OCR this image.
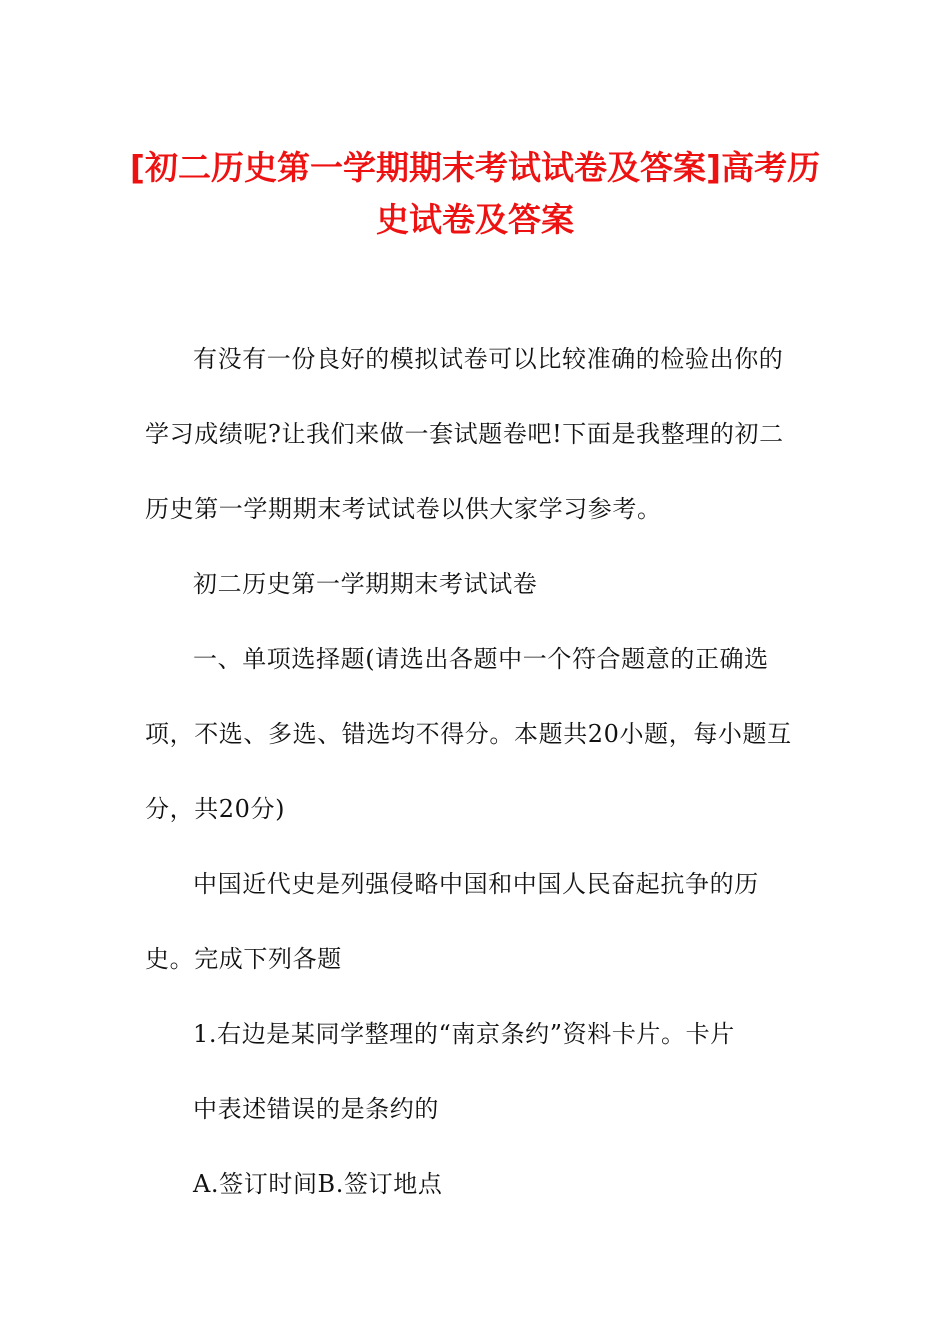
[初二历史第一学期期末考试试卷及答案]高考历史试卷及答案

有没有一份良好的模拟试卷可以比较准确的检验出你的学习成绩呢?让我们来做一套试题卷吧!下面是我整理的初二历史第一学期期末考试试卷以供大家学习参考。

初二历史第一学期期末考试试卷

一、单项选择题(请选出各题中一个符合题意的正确选项，不选、多选、错选均不得分。本题共20小题，每小题互分，共20分)

中国近代史是列强侵略中国和中国人民奋起抗争的历史。完成下列各题

1.右边是某同学整理的“南京条约”资料卡片。卡片

中表述错误的是条约的

A.签订时间B.签订地点
